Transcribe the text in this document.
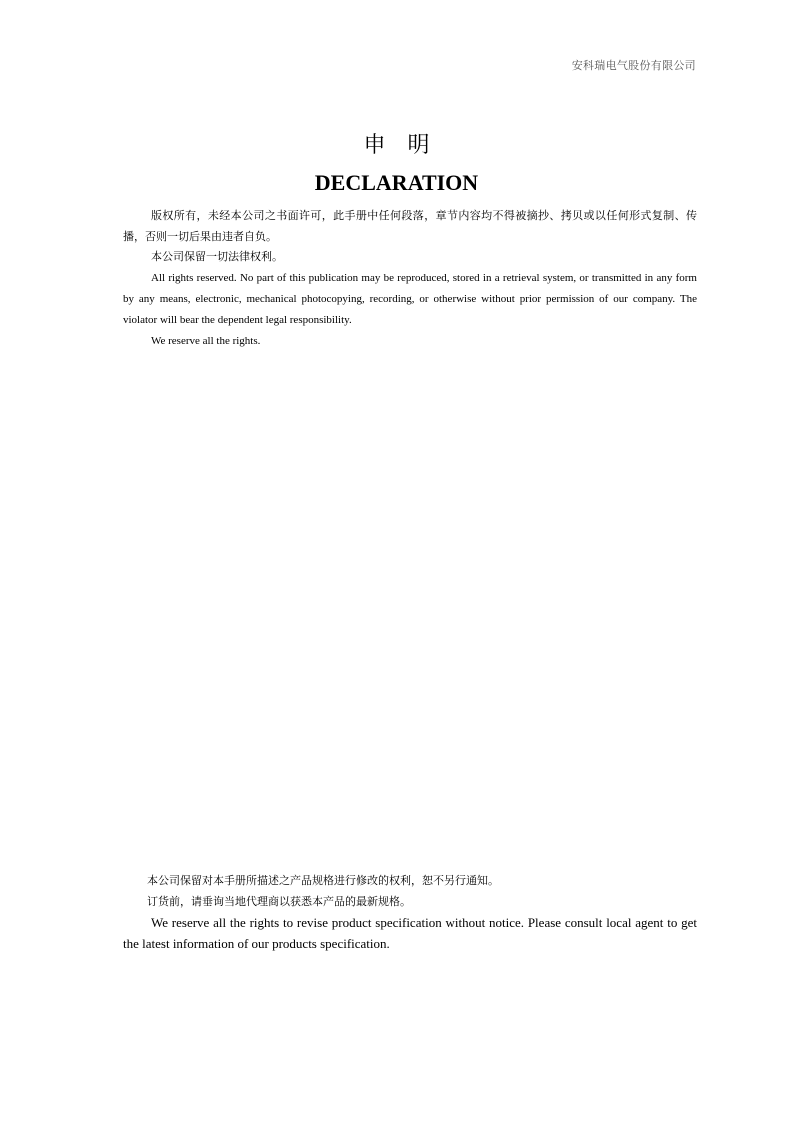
安科瑞电气股份有限公司
申明
DECLARATION

版权所有，未经本公司之书面许可，此手册中任何段落，章节内容均不得被摘抄、拷贝或以任何形式复制、传播，否则一切后果由违者自负。

本公司保留一切法律权利。

All rights reserved. No part of this publication may be reproduced, stored in a retrieval system, or transmitted in any form by any means, electronic, mechanical photocopying, recording, or otherwise without prior permission of our company. The violator will bear the dependent legal responsibility.

We reserve all the rights.

本公司保留对本手册所描述之产品规格进行修改的权利，恕不另行通知。

订货前，请垂询当地代理商以获悉本产品的最新规格。

We reserve all the rights to revise product specification without notice. Please consult local agent to get the latest information of our products specification.
